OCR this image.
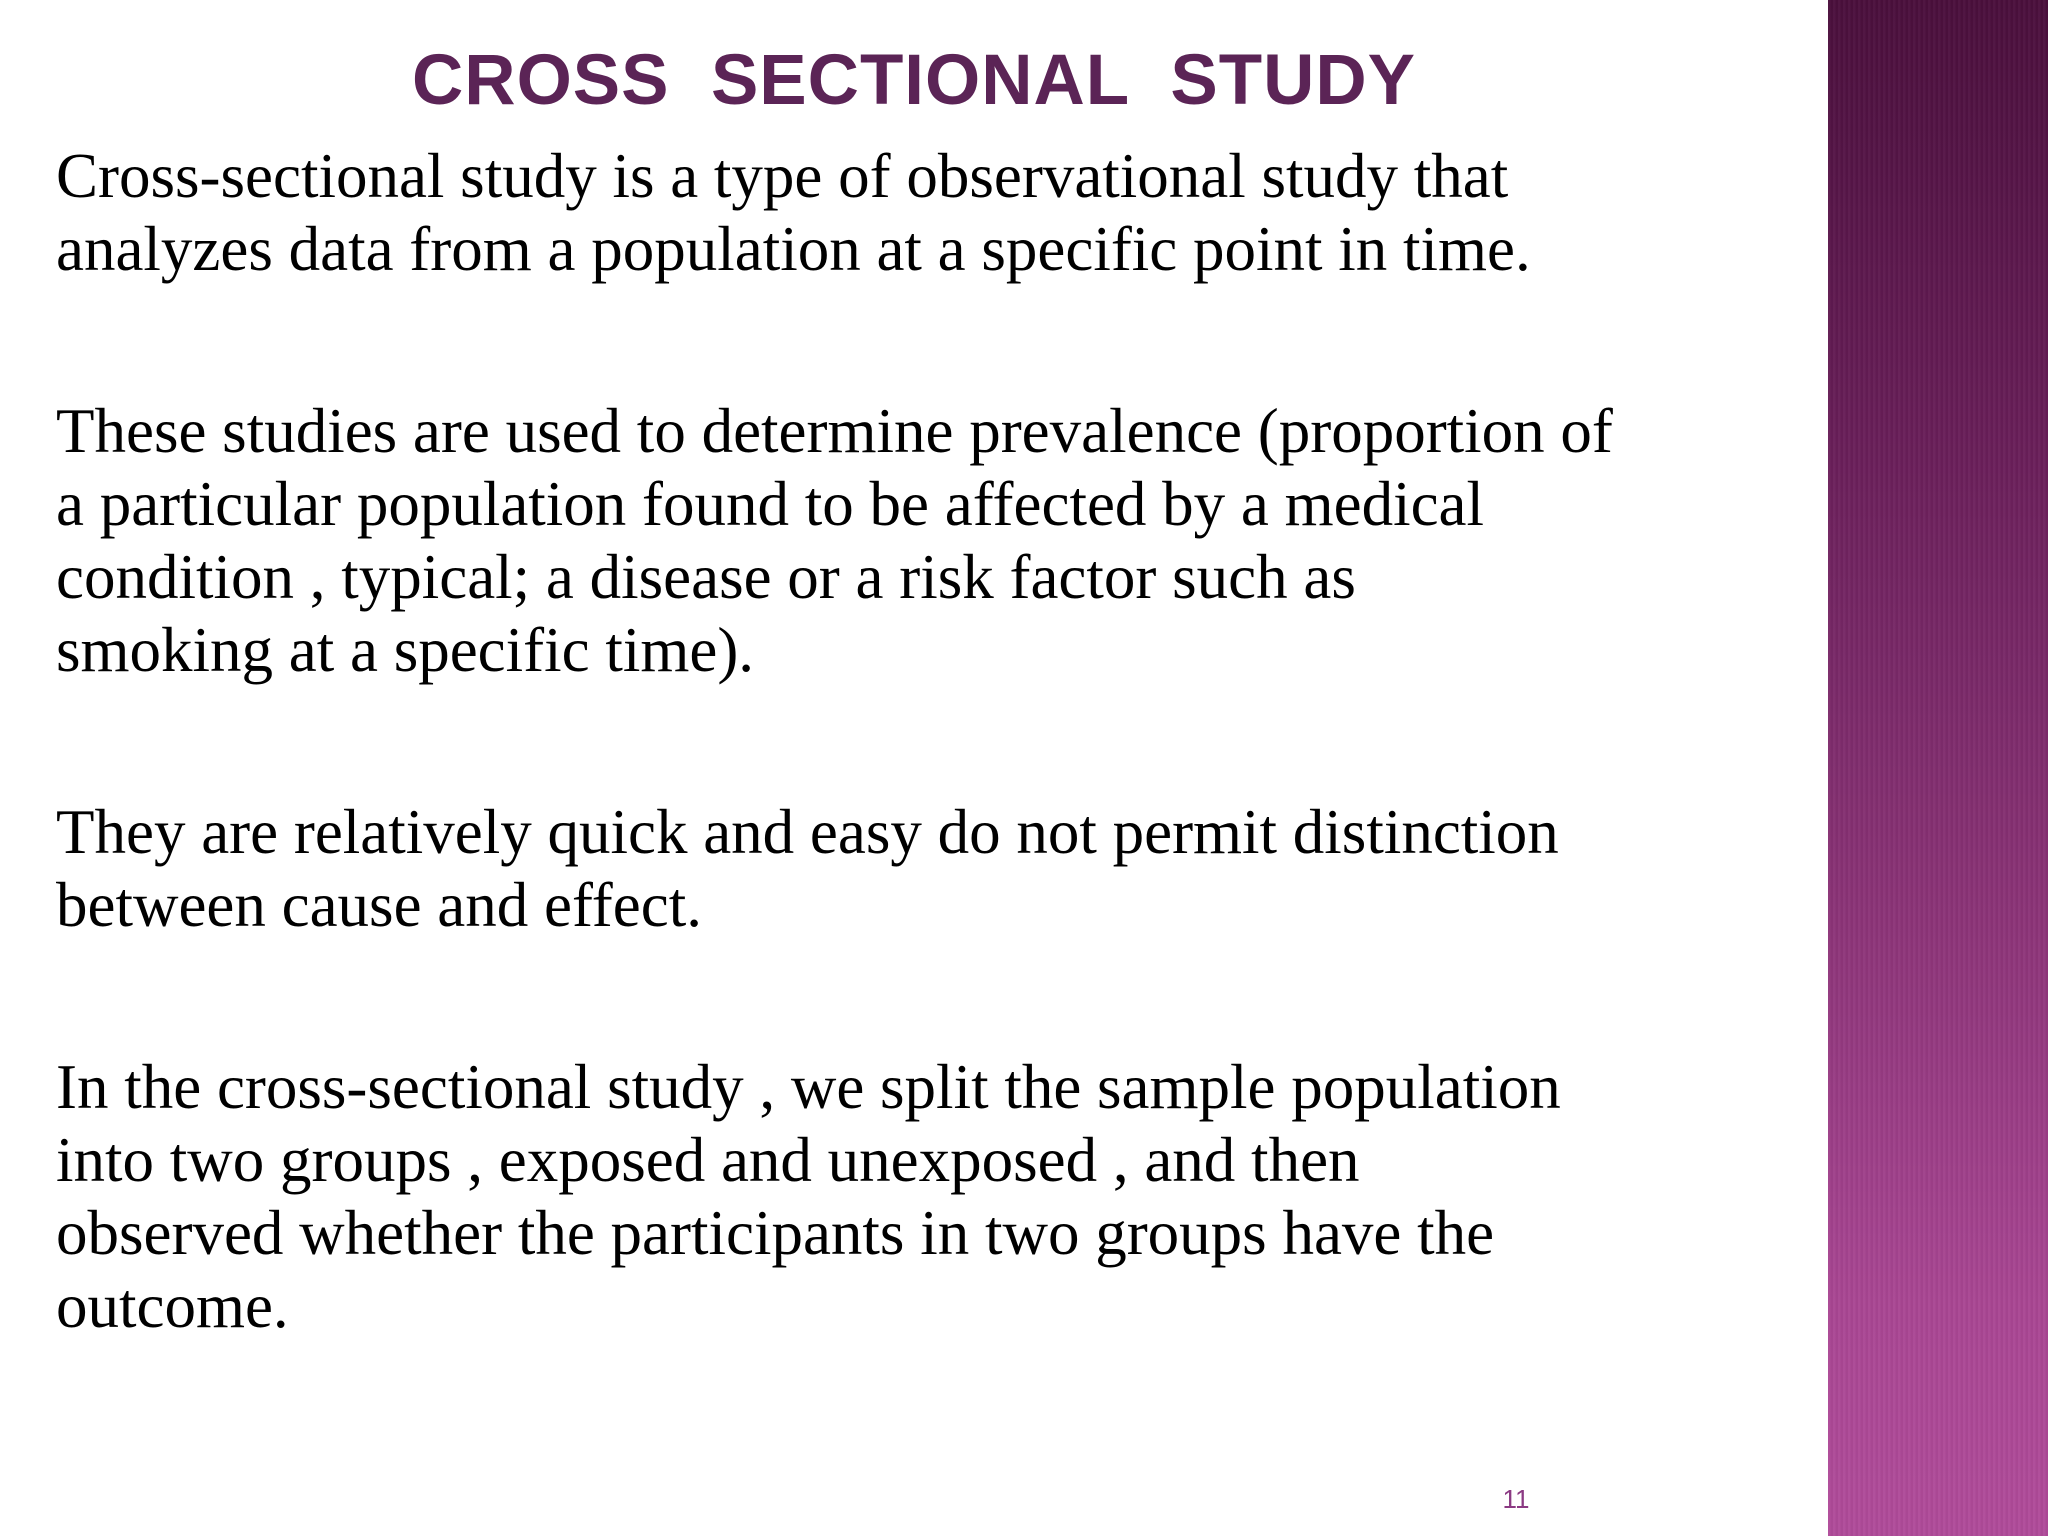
CROSS  SECTIONAL  STUDY

Cross-sectional study is a type of observational study that
analyzes data from a population at a specific point in time.

These studies are used to determine prevalence (proportion of
a particular population found to be affected by a medical
condition , typical; a disease or a risk factor such as
smoking at a specific time).

They are relatively quick and easy do not permit distinction
between cause and effect.

In the cross-sectional study , we split the sample population
into two groups , exposed and unexposed , and then
observed whether the participants in two groups have the
outcome.

11
